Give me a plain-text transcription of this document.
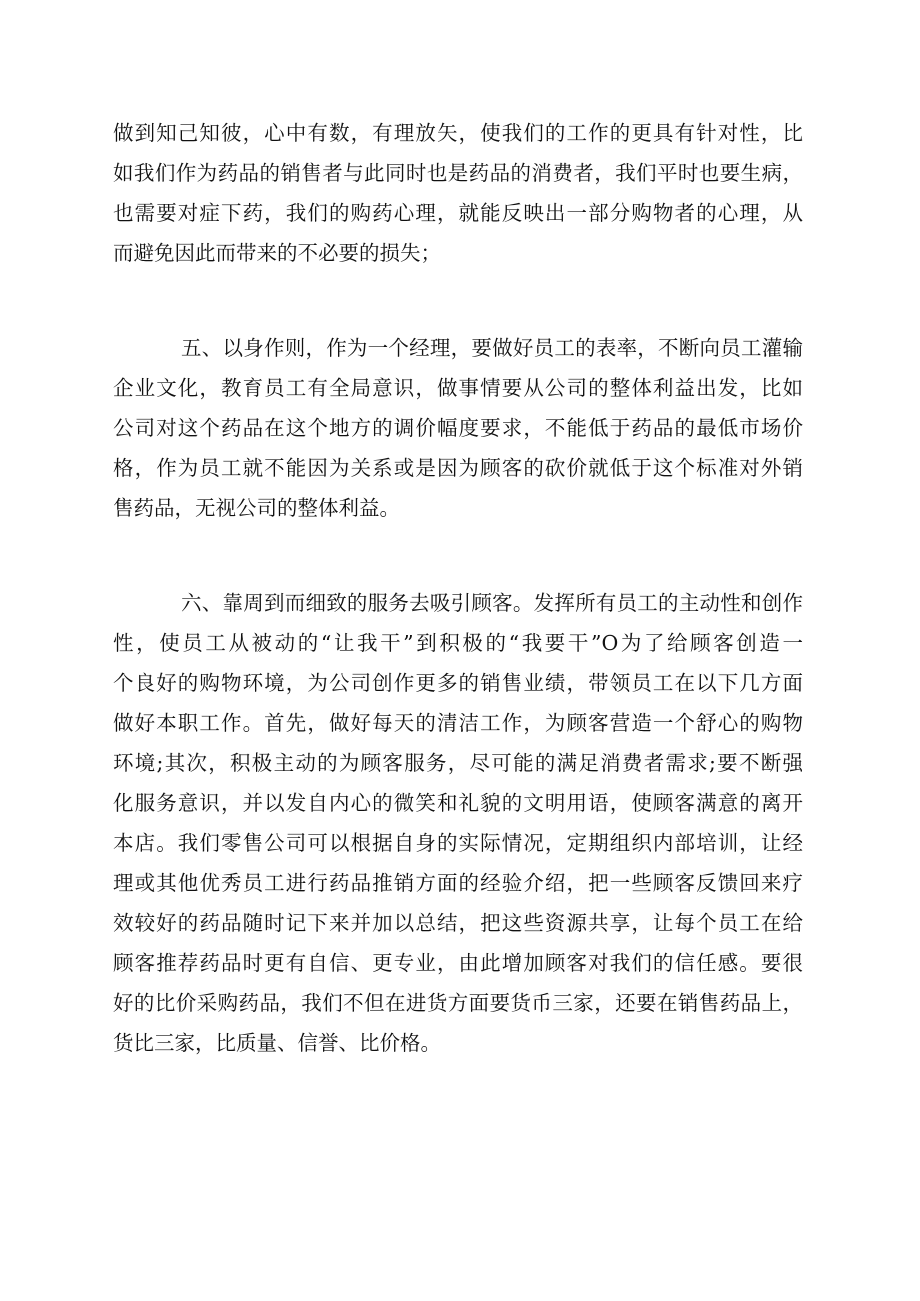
做到知己知彼，心中有数，有理放矢，使我们的工作的更具有针对性，比
如我们作为药品的销售者与此同时也是药品的消费者，我们平时也要生病，
也需要对症下药，我们的购药心理，就能反映出一部分购物者的心理，从
而避免因此而带来的不必要的损失；
五、以身作则，作为一个经理，要做好员工的表率，不断向员工灌输
企业文化，教育员工有全局意识，做事情要从公司的整体利益出发，比如
公司对这个药品在这个地方的调价幅度要求，不能低于药品的最低市场价
格，作为员工就不能因为关系或是因为顾客的砍价就低于这个标准对外销
售药品，无视公司的整体利益。
六、靠周到而细致的服务去吸引顾客。发挥所有员工的主动性和创作
性，使员工从被动的“让我干”到积极的“我要干”O为了给顾客创造一
个良好的购物环境，为公司创作更多的销售业绩，带领员工在以下几方面
做好本职工作。首先，做好每天的清洁工作，为顾客营造一个舒心的购物
环境;其次，积极主动的为顾客服务，尽可能的满足消费者需求;要不断强
化服务意识，并以发自内心的微笑和礼貌的文明用语，使顾客满意的离开
本店。我们零售公司可以根据自身的实际情况，定期组织内部培训，让经
理或其他优秀员工进行药品推销方面的经验介绍，把一些顾客反馈回来疗
效较好的药品随时记下来并加以总结，把这些资源共享，让每个员工在给
顾客推荐药品时更有自信、更专业，由此增加顾客对我们的信任感。要很
好的比价采购药品，我们不但在进货方面要货币三家，还要在销售药品上，
货比三家，比质量、信誉、比价格。
